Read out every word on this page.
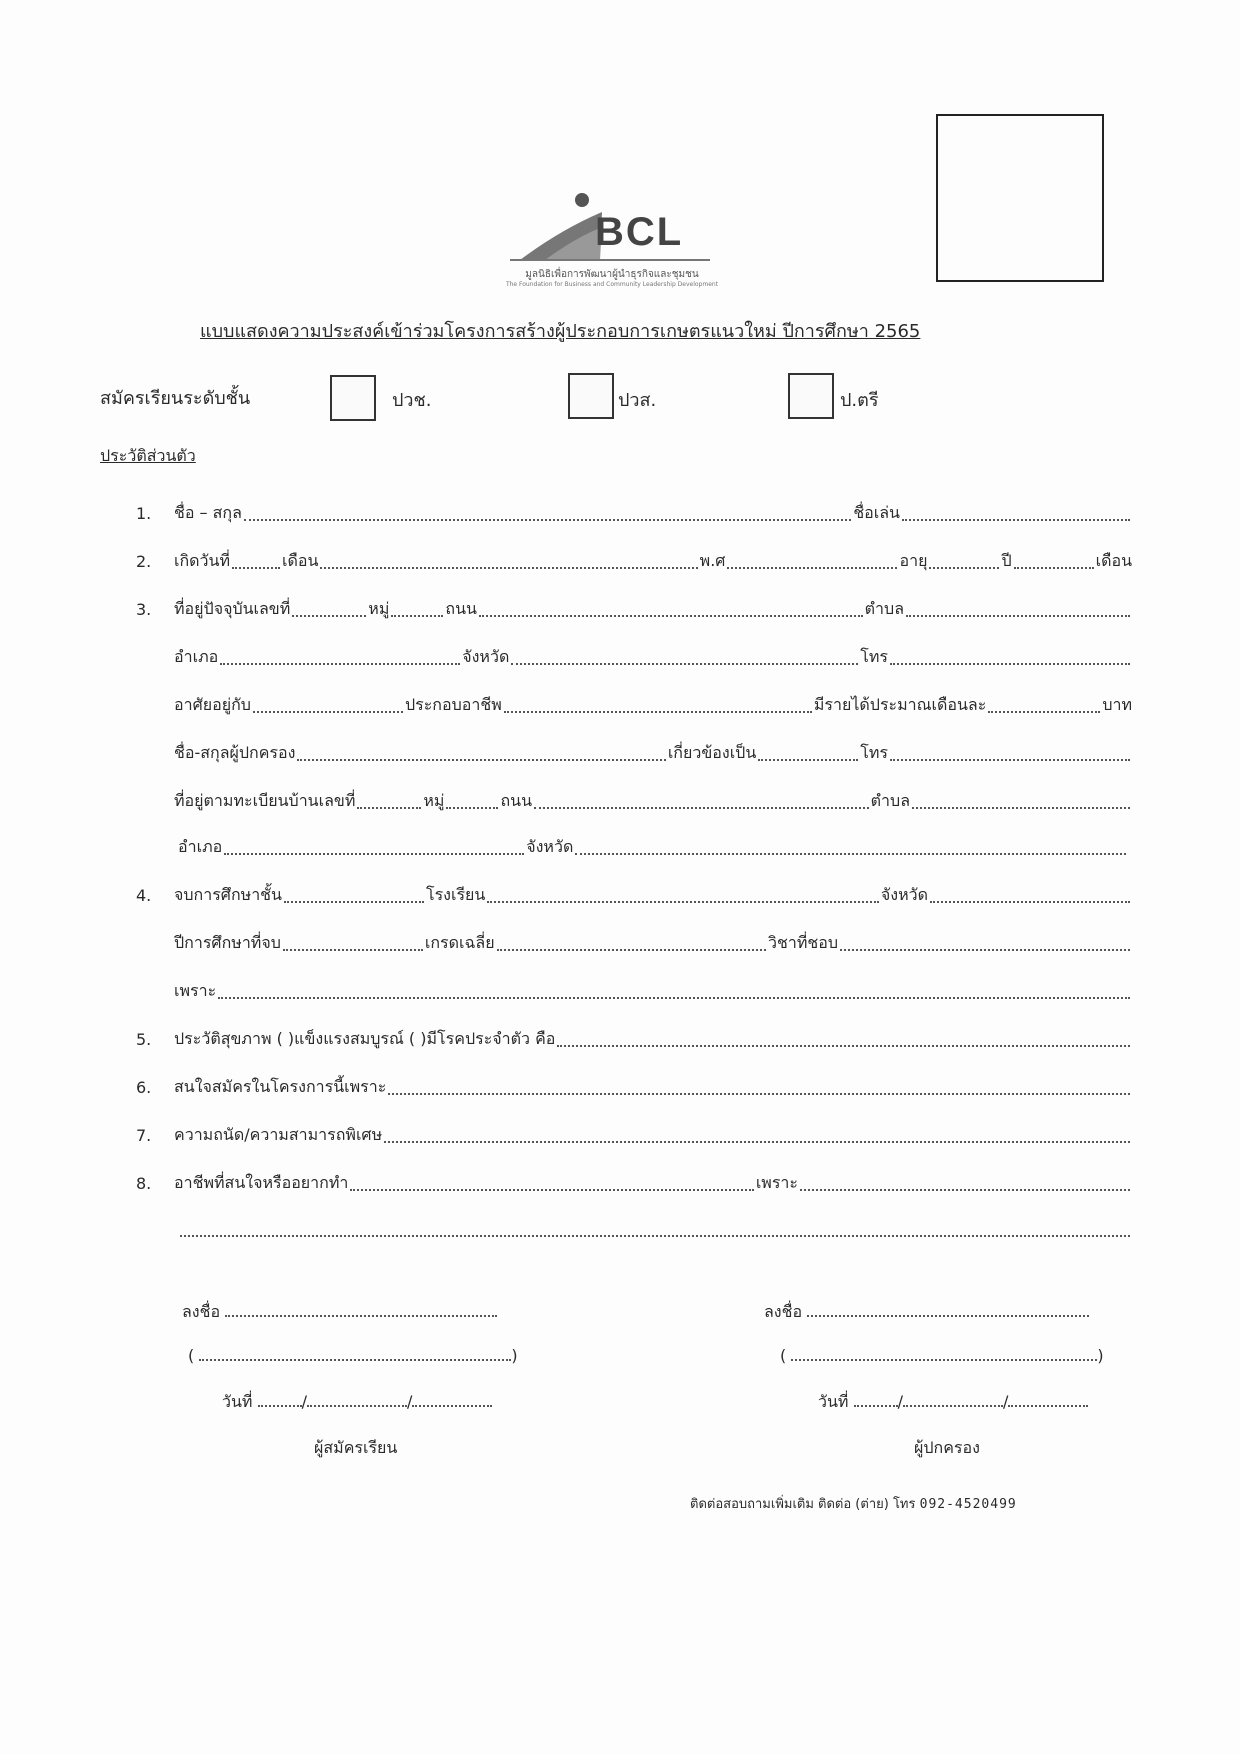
BCL
มูลนิธิเพื่อการพัฒนาผู้นำธุรกิจและชุมชน
The Foundation for Business and Community Leadership Development
แบบแสดงความประสงค์เข้าร่วมโครงการสร้างผู้ประกอบการเกษตรแนวใหม่ ปีการศึกษา 2565
สมัครเรียนระดับชั้น	ปวช.	ปวส.	ป.ตรี
ประวัติส่วนตัว
1. ชื่อ – สกุล	ชื่อเล่น
2. เกิดวันที่	เดือน	พ.ศ	อายุ	ปี	เดือน
3. ที่อยู่ปัจจุบันเลขที่	หมู่	ถนน	ตำบล
อำเภอ	จังหวัด	โทร
อาศัยอยู่กับ	ประกอบอาชีพ	มีรายได้ประมาณเดือนละ	บาท
ชื่อ-สกุลผู้ปกครอง	เกี่ยวข้องเป็น	โทร
ที่อยู่ตามทะเบียนบ้านเลขที่	หมู่	ถนน	ตำบล
อำเภอ	จังหวัด
4. จบการศึกษาชั้น	โรงเรียน	จังหวัด
ปีการศึกษาที่จบ	เกรดเฉลี่ย	วิชาที่ชอบ
เพราะ
5. ประวัติสุขภาพ ( )แข็งแรงสมบูรณ์ ( )มีโรคประจำตัว คือ
6. สนใจสมัครในโครงการนี้เพราะ
7. ความถนัด/ความสามารถพิเศษ
8. อาชีพที่สนใจหรืออยากทำ	เพราะ
ลงชื่อ
(	)
วันที่	/	/
ผู้สมัครเรียน
ลงชื่อ
(	)
วันที่	/	/
ผู้ปกครอง
ติดต่อสอบถามเพิ่มเติม ติดต่อ (ต่าย) โทร 092-4520499
